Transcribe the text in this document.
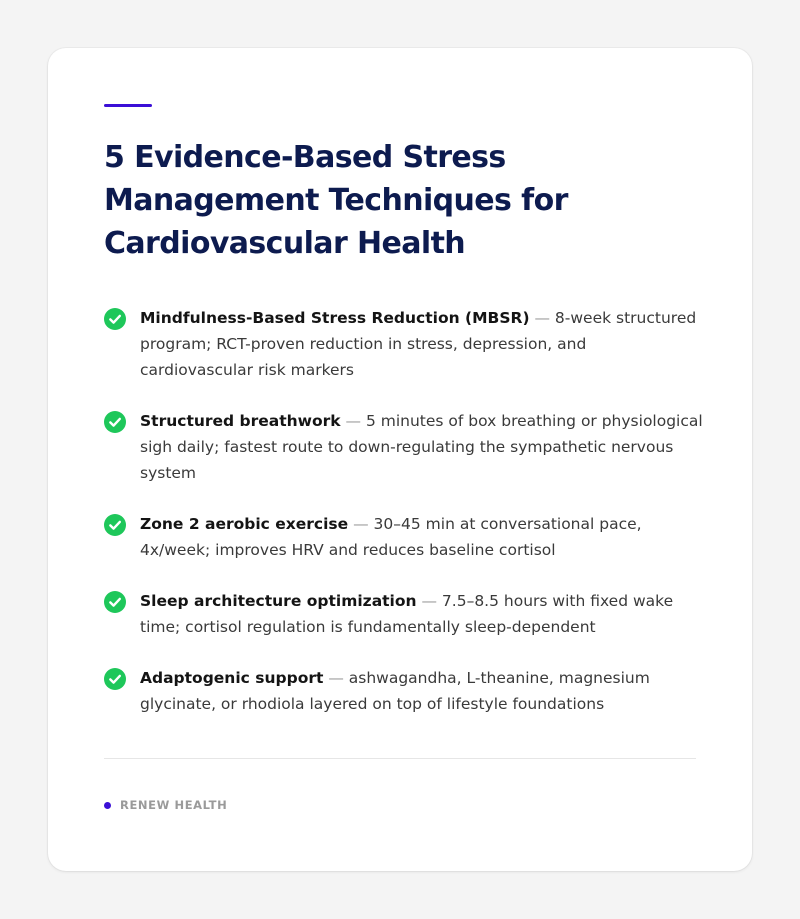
5 Evidence-Based Stress Management Techniques for Cardiovascular Health
Mindfulness-Based Stress Reduction (MBSR) — 8-week structured program; RCT-proven reduction in stress, depression, and cardiovascular risk markers
Structured breathwork — 5 minutes of box breathing or physiological sigh daily; fastest route to down-regulating the sympathetic nervous system
Zone 2 aerobic exercise — 30–45 min at conversational pace, 4x/week; improves HRV and reduces baseline cortisol
Sleep architecture optimization — 7.5–8.5 hours with fixed wake time; cortisol regulation is fundamentally sleep-dependent
Adaptogenic support — ashwagandha, L-theanine, magnesium glycinate, or rhodiola layered on top of lifestyle foundations
RENEW HEALTH
